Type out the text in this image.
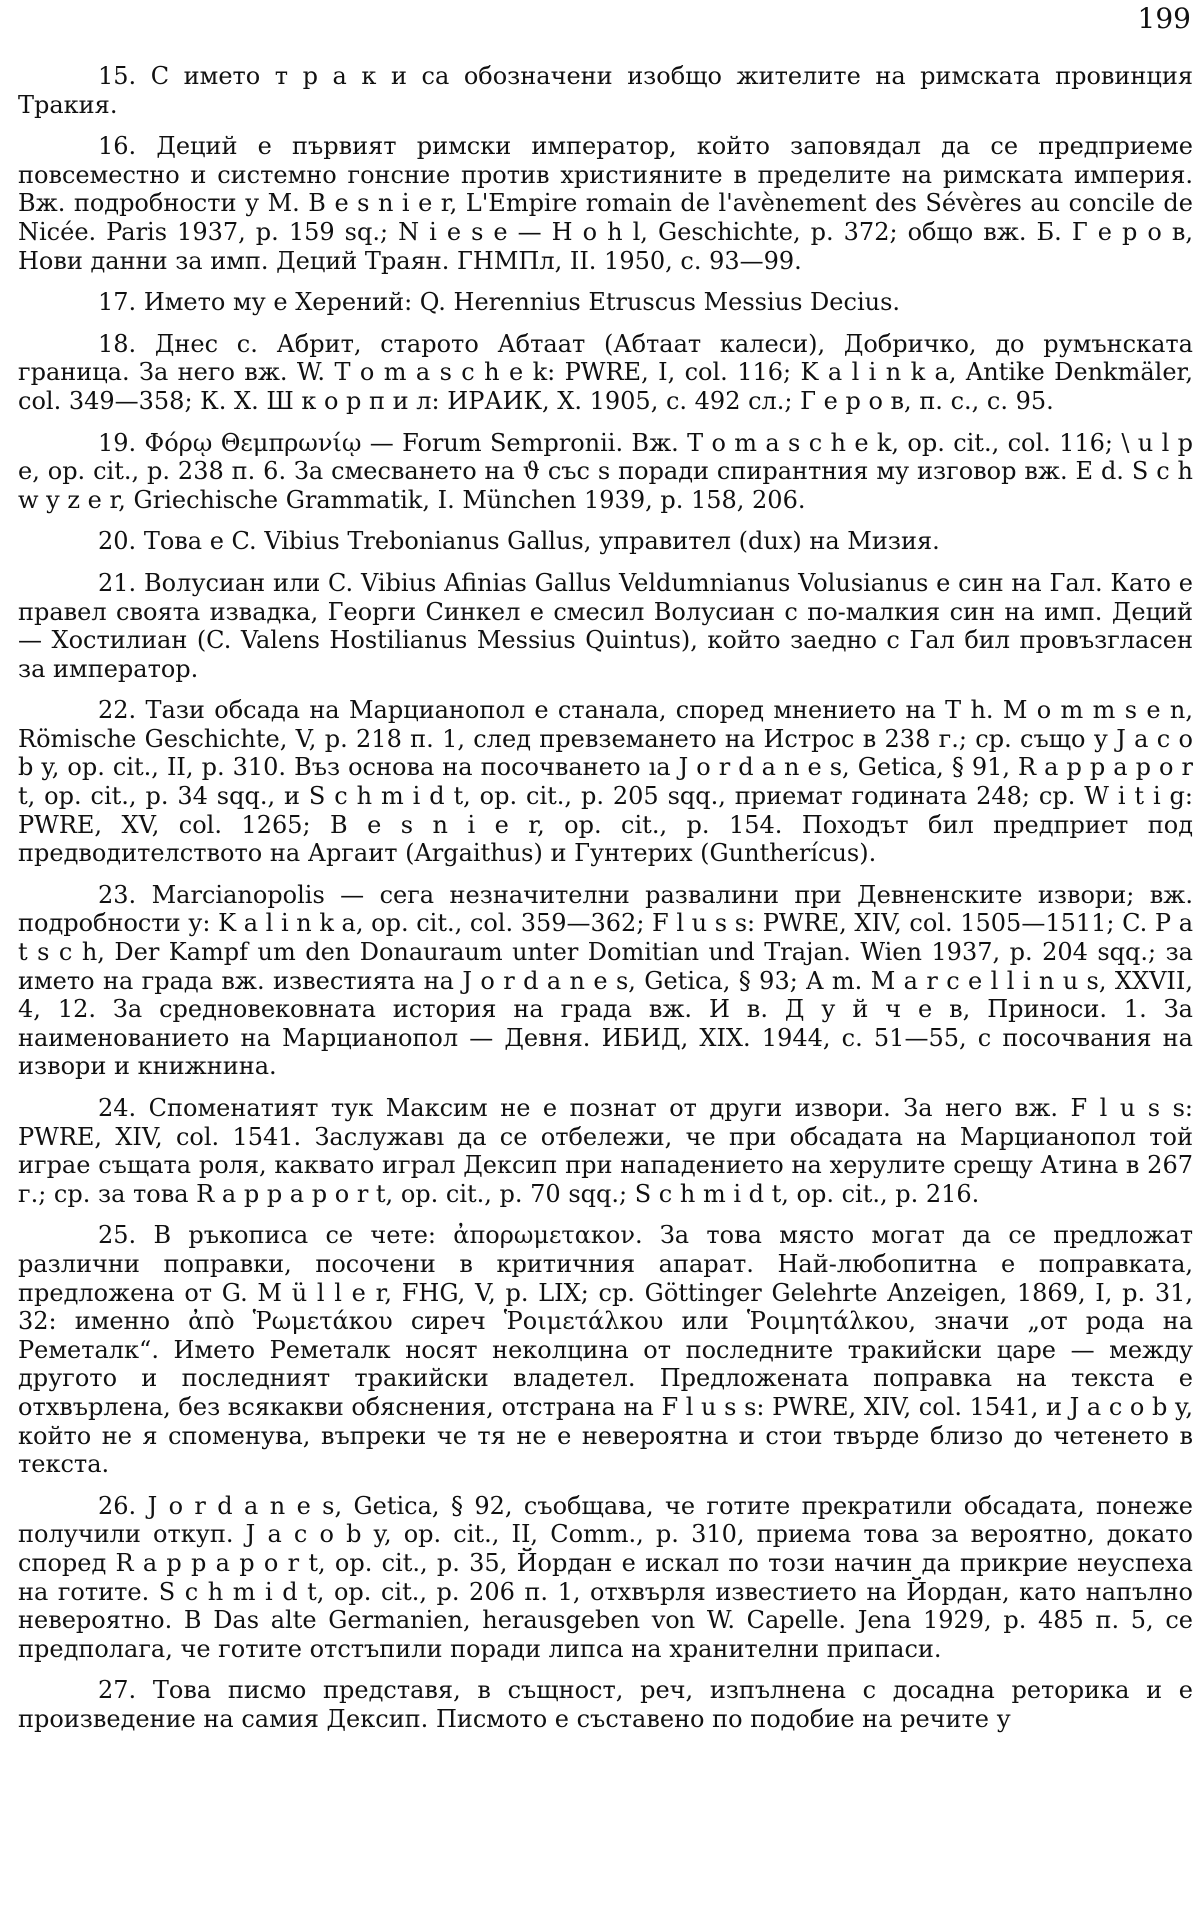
199

15. С името т р а к и са обозначени изобщо жителите на римската провинция Тракия.

16. Деций е първият римски император, който заповядал да се предприеме повсеместно и системно гонсние против християните в пределите на римската империя. Вж. подробности у М. B e s n i e r, L'Empire romain de l'avènement des Sévères au concile de Nicée. Paris 1937, p. 159 sq.; N i e s e — H o h l, Geschichte, p. 372; общо вж. Б. Г е р о в, Нови данни за имп. Деций Траян. ГНМПл, II. 1950, с. 93—99.

17. Името му е Херений: Q. Herennius Etruscus Messius Decius.

18. Днес с. Абрит, старото Абтаат (Абтаат калеси), Добричко, до румънската граница. За него вж. W. T o m a s c h e k: PWRE, I, col. 116; K a l i n k a, Antike Denkmäler, col. 349—358; К. Х. Ш к о р п и л: ИРАИК, Х. 1905, с. 492 сл.; Г е р о в, п. с., с. 95.

19. Φόρῳ Θεμπρωνίῳ — Forum Sempronii. Вж. T o m a s c h e k, op. cit., col. 116; \ u l p e, op. cit., p. 238 п. 6. За смесването на ϑ със s поради спирантния му изговор вж. E d. S c h w y z e r, Griechische Grammatik, I. München 1939, p. 158, 206.

20. Това е C. Vibius Trebonianus Gallus, управител (dux) на Мизия.

21. Волусиан или C. Vibius Afinias Gallus Veldumnianus Volusianus е син на Гал. Като е правел своята извадка, Георги Синкел е смесил Волусиан с по-малкия син на имп. Деций — Хостилиан (C. Valens Hostilianus Messius Quintus), който заедно с Гал бил провъзгласен за император.

22. Тази обсада на Марцианопол е станала, според мнението на T h. M o m m s e n, Römische Geschichte, V, p. 218 п. 1, след превземането на Истрос в 238 г.; ср. също у J a c o b y, op. cit., II, p. 310. Въз основа на посочването ıa J o r d a n e s, Getica, § 91, R a p p a p o r t, op. cit., p. 34 sqq., и S c h m i d t, op. cit., p. 205 sqq., приемат годината 248; ср. W i t i g: PWRE, XV, col. 1265; B e s n i e r, op. cit., p. 154. Походът бил предприет под предводителството на Аргаит (Argaithus) и Гунтерих (Guntherícus).

23. Marcianopolis — сега незначителни развалини при Девненските извори; вж. подробности у: K a l i n k a, op. cit., col. 359—362; F l u s s: PWRE, XIV, col. 1505—1511; C. P a t s c h, Der Kampf um den Donauraum unter Domitian und Trajan. Wien 1937, p. 204 sqq.; за името на града вж. известията на J o r d a n e s, Getica, § 93; A m. M a r c e l l i n u s, XXVII, 4, 12. За средновековната история на града вж. И в. Д у й ч е в, Приноси. 1. За наименованието на Марцианопол — Девня. ИБИД, XIX. 1944, с. 51—55, с посочвания на извори и книжнина.

24. Споменатият тук Максим не е познат от други извори. За него вж. F l u s s: PWRE, XIV, col. 1541. Заслужавı да се отбележи, че при обсадата на Марцианопол той играе същата роля, каквато играл Дексип при нападението на херулите срещу Атина в 267 г.; ср. за това R a p p a p o r t, op. cit., p. 70 sqq.; S c h m i d t, op. cit., p. 216.

25. В ръкописа се чете: ἀπορωμετακον. За това място могат да се предложат различни поправки, посочени в критичния апарат. Най-любопитна е поправката, предложена от G. M ü l l e r, FHG, V, p. LIX; ср. Göttinger Gelehrte Anzeigen, 1869, I, p. 31, 32: именно ἀπὸ Ῥωμετάκου сиреч Ῥοιμετάλκου или Ῥοιμητάλκου, значи „от рода на Реметалк“. Името Реметалк носят неколцина от последните тракийски царе — между другото и последният тракийски владетел. Предложената поправка на текста е отхвърлена, без всякакви обяснения, отстрана на F l u s s: PWRE, XIV, col. 1541, и J a c o b y, който не я споменува, въпреки че тя не е невероятна и стои твърде близо до четенето в текста.

26. J o r d a n e s, Getica, § 92, съобщава, че готите прекратили обсадата, понеже получили откуп. J a c o b y, op. cit., II, Comm., p. 310, приема това за вероятно, докато според R a p p a p o r t, op. cit., p. 35, Йордан е искал по този начин да прикрие неуспеха на готите. S c h m i d t, op. cit., p. 206 п. 1, отхвърля известието на Йордан, като напълно невероятно. В Das alte Germanien, herausgeben von W. Capelle. Jena 1929, p. 485 п. 5, се предполага, че готите отстъпили поради липса на хранителни припаси.

27. Това писмо представя, в същност, реч, изпълнена с досадна реторика и е произведение на самия Дексип. Писмото е съставено по подобие на речите у
